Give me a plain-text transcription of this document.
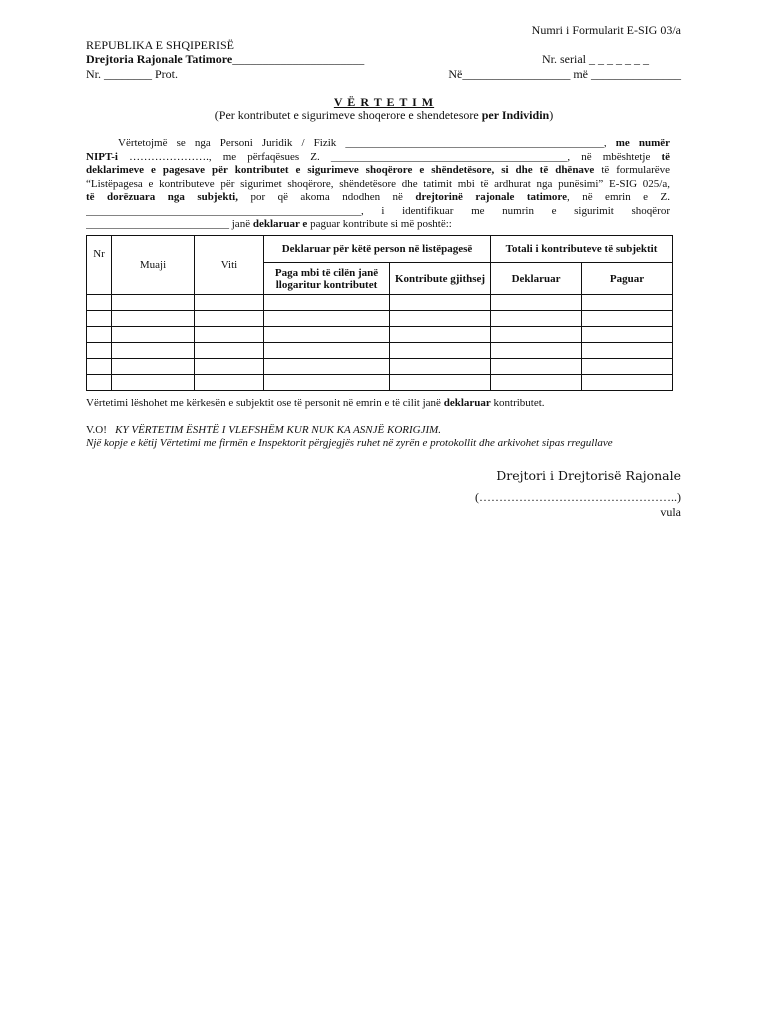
Numri i Formularit E-SIG 03/a
REPUBLIKA E SHQIPERISË
Drejtoria Rajonale Tatimore______________________	Nr. serial _ _ _ _ _ _ _
Nr. ________ Prot.	Në__________________ më _______________
V Ë R T E T I M
(Per kontributet e sigurimeve shoqerore e shendetesore per Individin)
Vërtetojmë se nga Personi Juridik / Fizik _______________________________________________, me numër
NIPT-i …………………., me përfaqësues Z. ___________________________________________, në mbështetje të
deklarimeve e pagesave për kontributet e sigurimeve shoqërore e shëndetësore, si dhe të dhënave të formularëve
“Listëpagesa e kontributeve për sigurimet shoqërore, shëndetësore dhe tatimit mbi të ardhurat nga punësimi” E-SIG 025/a,
të dorëzuara nga subjekti, por që akoma ndodhen në drejtorinë rajonale tatimore, në emrin e Z.
__________________________________________________, i identifikuar me numrin e sigurimit shoqëror
__________________________ janë deklaruar e paguar kontribute si më poshtë::
Nr	Muaji	Viti	Deklaruar për këtë person në listëpagesë		Totali i kontributeve të subjektit	
			Paga mbi të cilën janë llogaritur kontributet	Kontribute gjithsej	Deklaruar	Paguar

Vërtetimi lëshohet me kërkesën e subjektit ose të personit në emrin e të cilit janë deklaruar kontributet.
V.O! KY VËRTETIM ËSHTË I VLEFSHËM KUR NUK KA ASNJË KORIGJIM.
Një kopje e këtij Vërtetimi me firmën e Inspektorit përgjegjës ruhet në zyrën e protokollit dhe arkivohet sipas rregullave
Drejtori i Drejtorisë Rajonale
(…………………………………………..)
vula
